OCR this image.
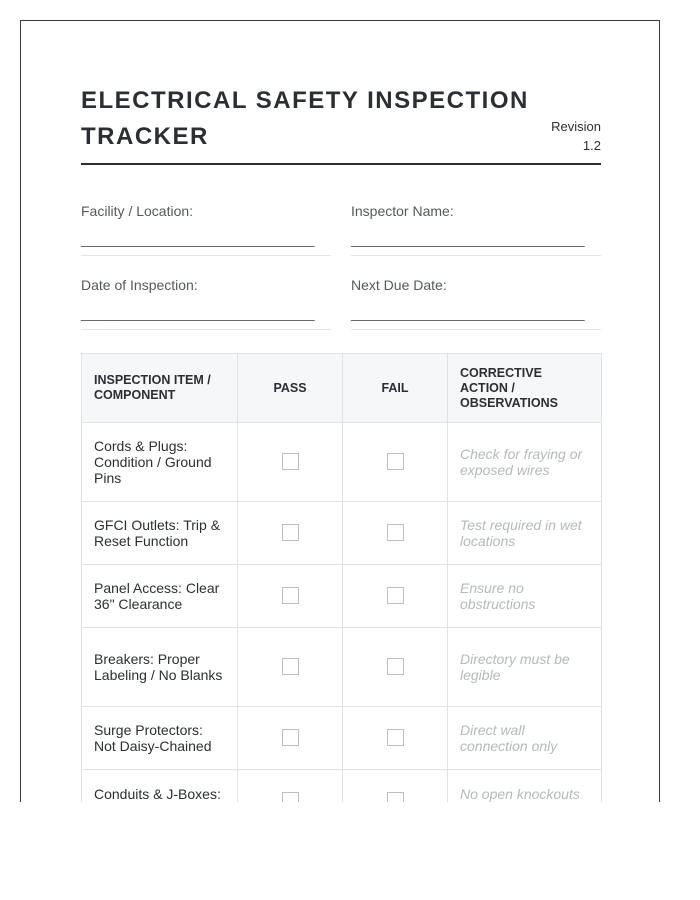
ELECTRICAL SAFETY INSPECTION TRACKER	Revision
1.2
Facility / Location:
______________________________
Inspector Name:
______________________________
Date of Inspection:
______________________________
Next Due Date:
______________________________
INSPECTION ITEM / COMPONENT	PASS	FAIL	CORRECTIVE ACTION / OBSERVATIONS
Cords & Plugs: Condition / Ground Pins			Check for fraying or exposed wires
GFCI Outlets: Trip & Reset Function			Test required in wet locations
Panel Access: Clear 36" Clearance			Ensure no obstructions
Breakers: Proper Labeling / No Blanks			Directory must be legible
Surge Protectors: Not Daisy-Chained			Direct wall connection only
Conduits & J-Boxes:			No open knockouts
